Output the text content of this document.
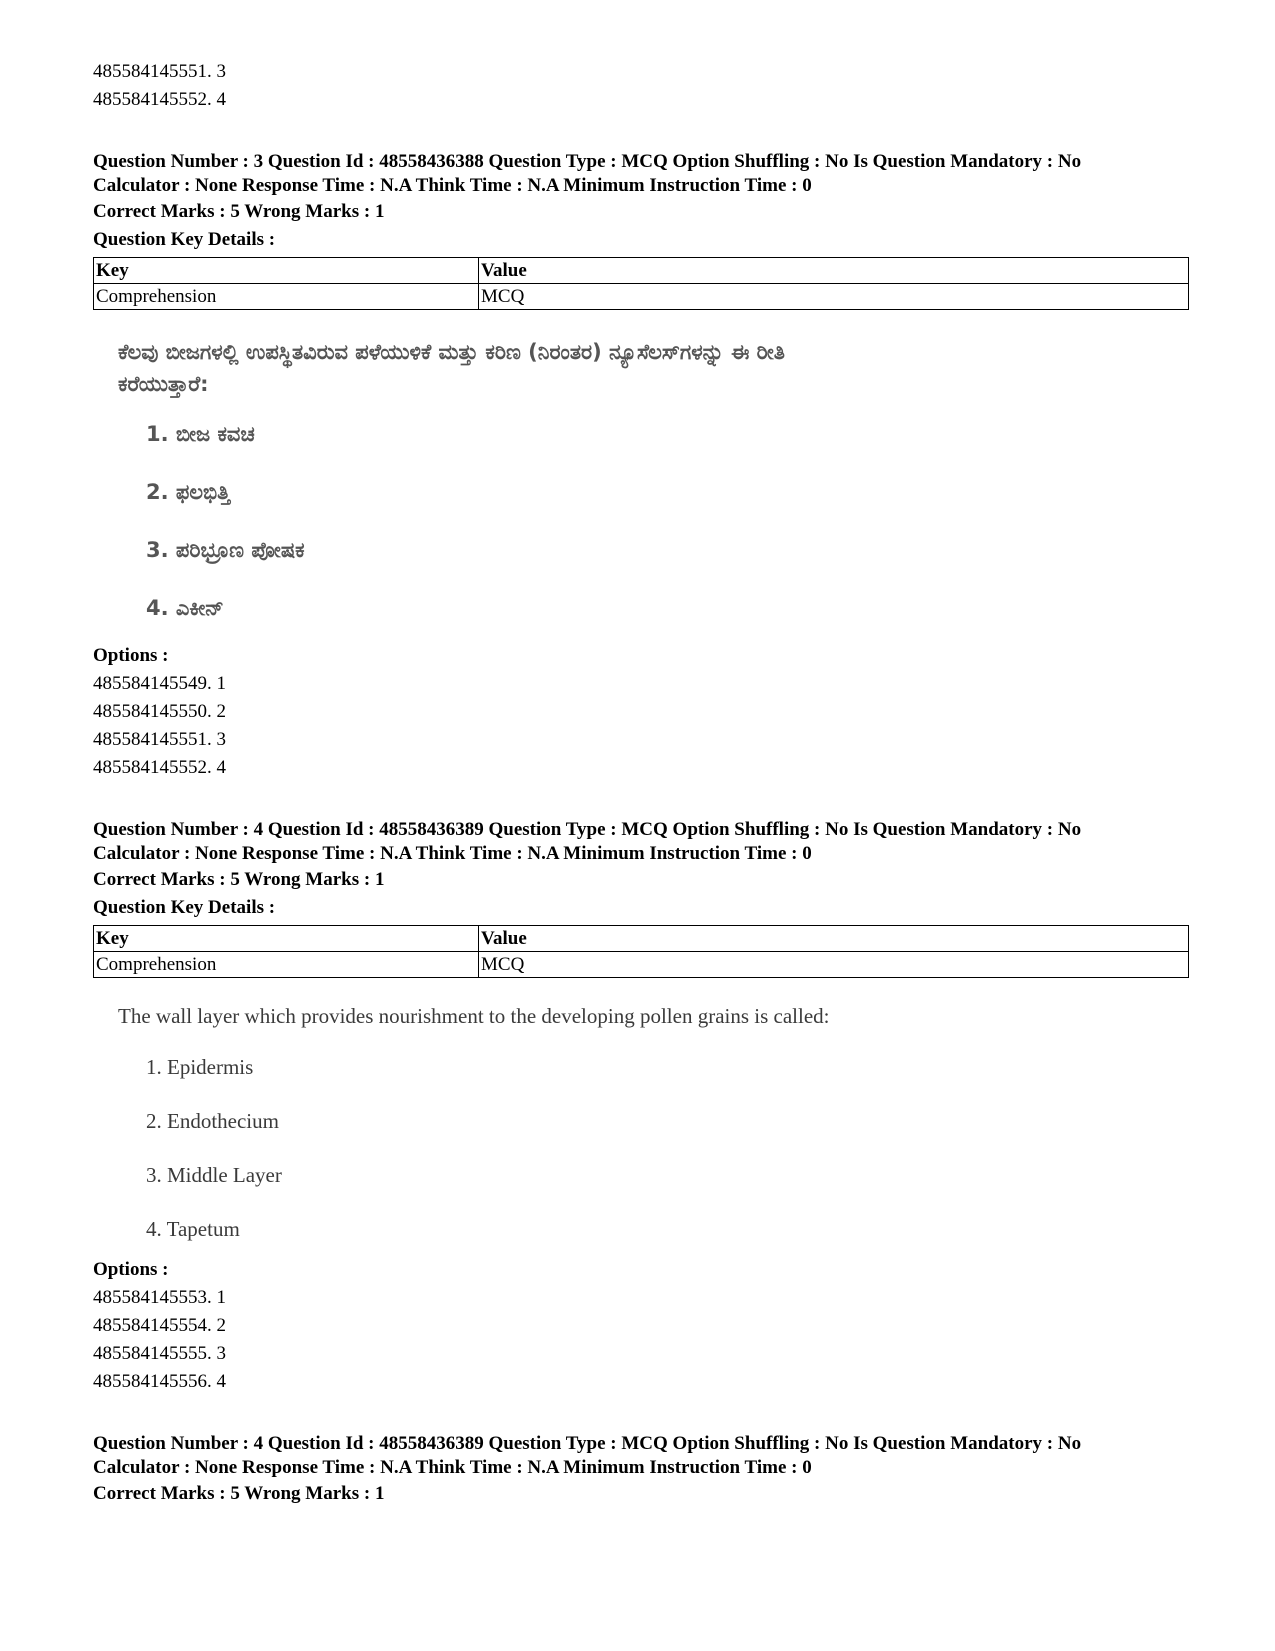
485584145551. 3

485584145552. 4

Question Number : 3 Question Id : 48558436388 Question Type : MCQ Option Shuffling : No Is Question Mandatory : No

Calculator : None Response Time : N.A Think Time : N.A Minimum Instruction Time : 0

Correct Marks : 5 Wrong Marks : 1

Question Key Details :

Key	Value
Comprehension	MCQ

ಕೆಲವು ಬೀಜಗಳಲ್ಲಿ ಉಪಸ್ಥಿತವಿರುವ ಪಳೆಯುಳಿಕೆ ಮತ್ತು ಕರಿಣ (ನಿರಂತರ) ನ್ಯೂಸೆಲಸ್‌ಗಳನ್ನು ಈ ರೀತಿ

ಕರೆಯುತ್ತಾರೆ:

1. ಬೀಜ ಕವಚ
2. ಫಲಭಿತ್ತಿ
3. ಪರಿಭ್ರೂಣ ಪೋಷಕ
4. ಎಕೀನ್

Options :

485584145549. 1

485584145550. 2

485584145551. 3

485584145552. 4

Question Number : 4 Question Id : 48558436389 Question Type : MCQ Option Shuffling : No Is Question Mandatory : No

Calculator : None Response Time : N.A Think Time : N.A Minimum Instruction Time : 0

Correct Marks : 5 Wrong Marks : 1

Question Key Details :

Key	Value
Comprehension	MCQ

The wall layer which provides nourishment to the developing pollen grains is called:

1. Epidermis
2. Endothecium
3. Middle Layer
4. Tapetum

Options :

485584145553. 1

485584145554. 2

485584145555. 3

485584145556. 4

Question Number : 4 Question Id : 48558436389 Question Type : MCQ Option Shuffling : No Is Question Mandatory : No

Calculator : None Response Time : N.A Think Time : N.A Minimum Instruction Time : 0

Correct Marks : 5 Wrong Marks : 1
